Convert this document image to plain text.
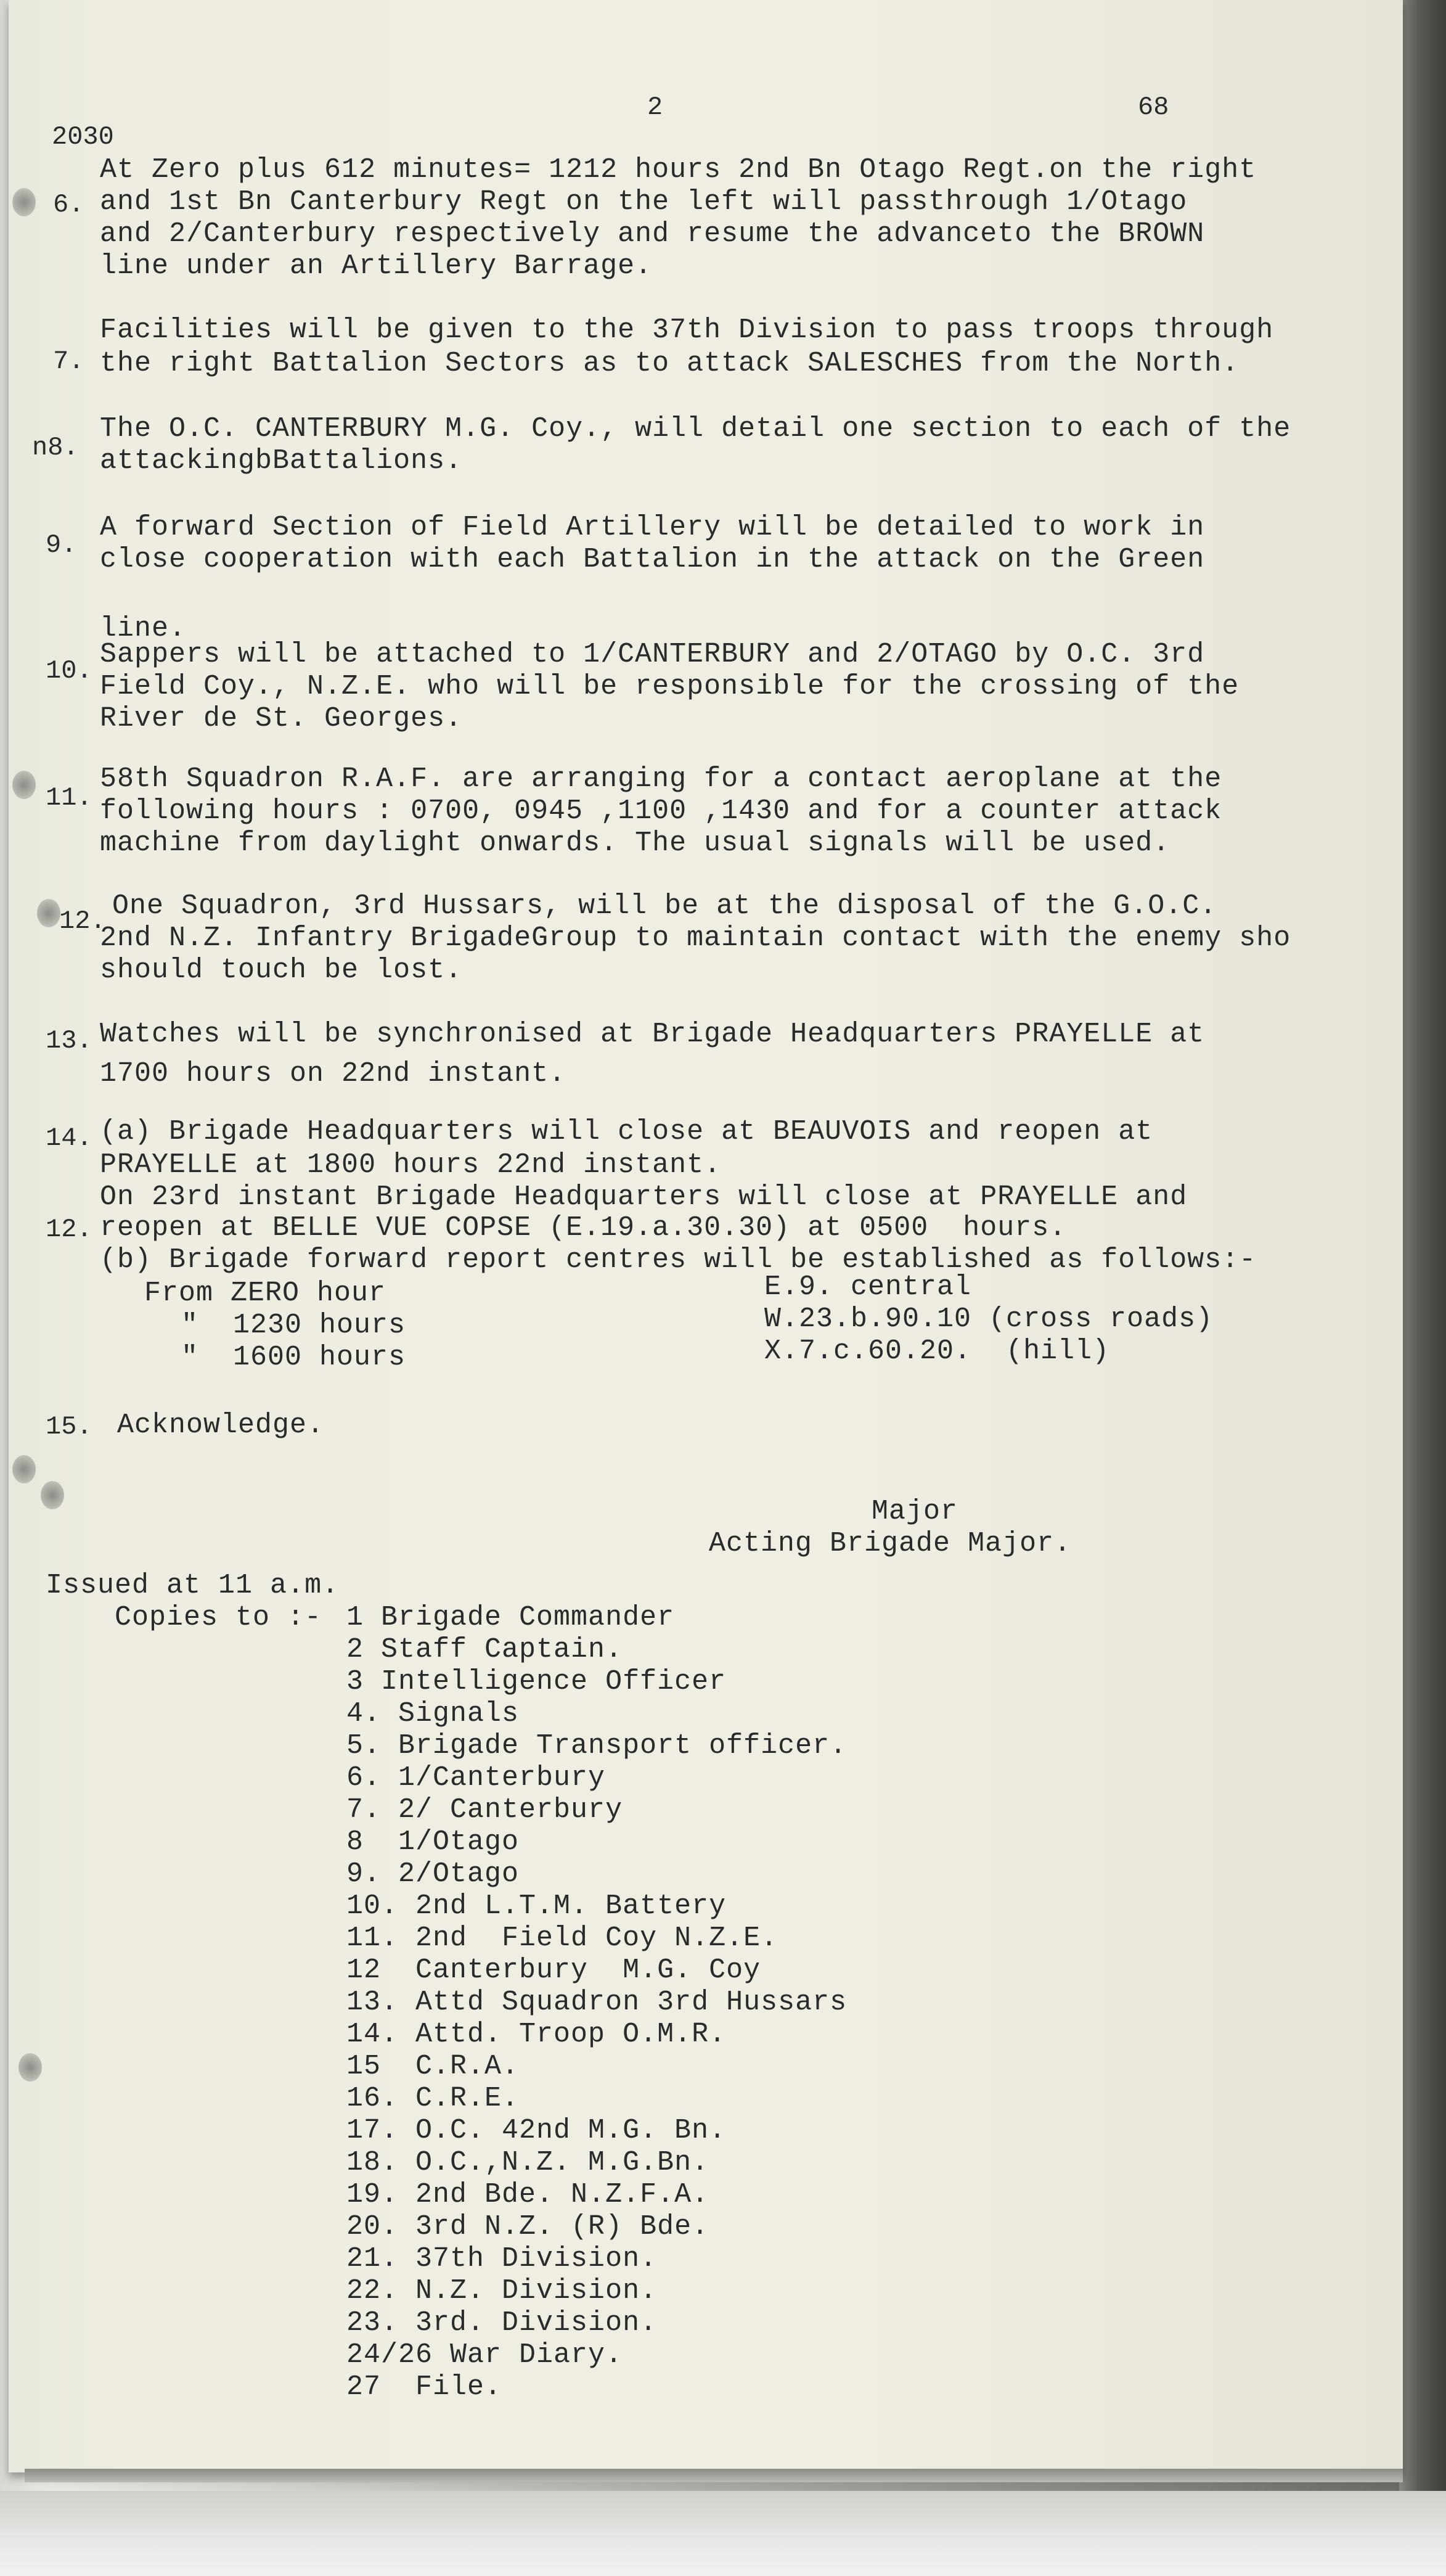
2030
2	68
6.
At Zero plus 612 minutes= 1212 hours 2nd Bn Otago Regt.on the right
and 1st Bn Canterbury Regt on the left will passthrough 1/Otago
and 2/Canterbury respectively and resume the advanceto the BROWN
line under an Artillery Barrage.
7.
Facilities will be given to the 37th Division to pass troops through
the right Battalion Sectors as to attack SALESCHES from the North.
n8.
The O.C. CANTERBURY M.G. Coy., will detail one section to each of the
attackingbBattalions.
9.
A forward Section of Field Artillery will be detailed to work in
close cooperation with each Battalion in the attack on the Green
line.
10.
Sappers will be attached to 1/CANTERBURY and 2/OTAGO by O.C. 3rd
Field Coy., N.Z.E. who will be responsible for the crossing of the
River de St. Georges.
11.
58th Squadron R.A.F. are arranging for a contact aeroplane at the
following hours : 0700, 0945 ,1100 ,1430 and for a counter attack
machine from daylight onwards. The usual signals will be used.
12. One Squadron, 3rd Hussars, will be at the disposal of the G.O.C.
2nd N.Z. Infantry BrigadeGroup to maintain contact with the enemy sho
should touch be lost.
13. Watches will be synchronised at Brigade Headquarters PRAYELLE at
1700 hours on 22nd instant.
14. (a) Brigade Headquarters will close at BEAUVOIS and reopen at
PRAYELLE at 1800 hours 22nd instant.
On 23rd instant Brigade Headquarters will close at PRAYELLE and
12. reopen at BELLE VUE COPSE (E.19.a.30.30) at 0500  hours.
(b) Brigade forward report centres will be established as follows:-
From ZERO hour	E.9. central
"  1230 hours	W.23.b.90.10 (cross roads)
"  1600 hours	X.7.c.60.20.  (hill)
15. Acknowledge.
Major
Acting Brigade Major.
Issued at 11 a.m.
Copies to :- 1 Brigade Commander
2 Staff Captain.
3 Intelligence Officer
4. Signals
5. Brigade Transport officer.
6. 1/Canterbury
7. 2/ Canterbury
8  1/Otago
9. 2/Otago
10. 2nd L.T.M. Battery
11. 2nd  Field Coy N.Z.E.
12  Canterbury  M.G. Coy
13. Attd Squadron 3rd Hussars
14. Attd. Troop O.M.R.
15  C.R.A.
16. C.R.E.
17. O.C. 42nd M.G. Bn.
18. O.C.,N.Z. M.G.Bn.
19. 2nd Bde. N.Z.F.A.
20. 3rd N.Z. (R) Bde.
21. 37th Division.
22. N.Z. Division.
23. 3rd. Division.
24/26 War Diary.
27  File.
